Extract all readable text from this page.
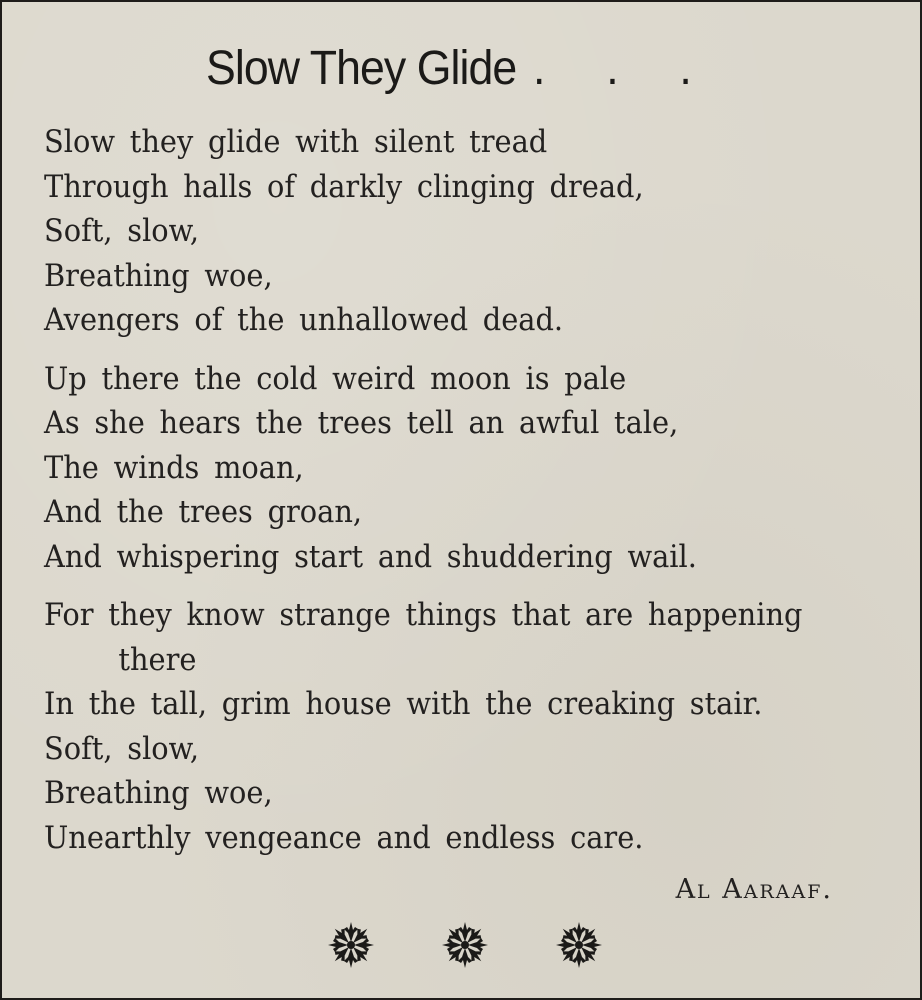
Slow They Glide . . .
Slow they glide with silent tread
Through halls of darkly clinging dread,
Soft, slow,
Breathing woe,
Avengers of the unhallowed dead.
Up there the cold weird moon is pale
As she hears the trees tell an awful tale,
The winds moan,
And the trees groan,
And whispering start and shuddering wail.
For they know strange things that are happening
there
In the tall, grim house with the creaking stair.
Soft, slow,
Breathing woe,
Unearthly vengeance and endless care.
Al Aaraaf.
